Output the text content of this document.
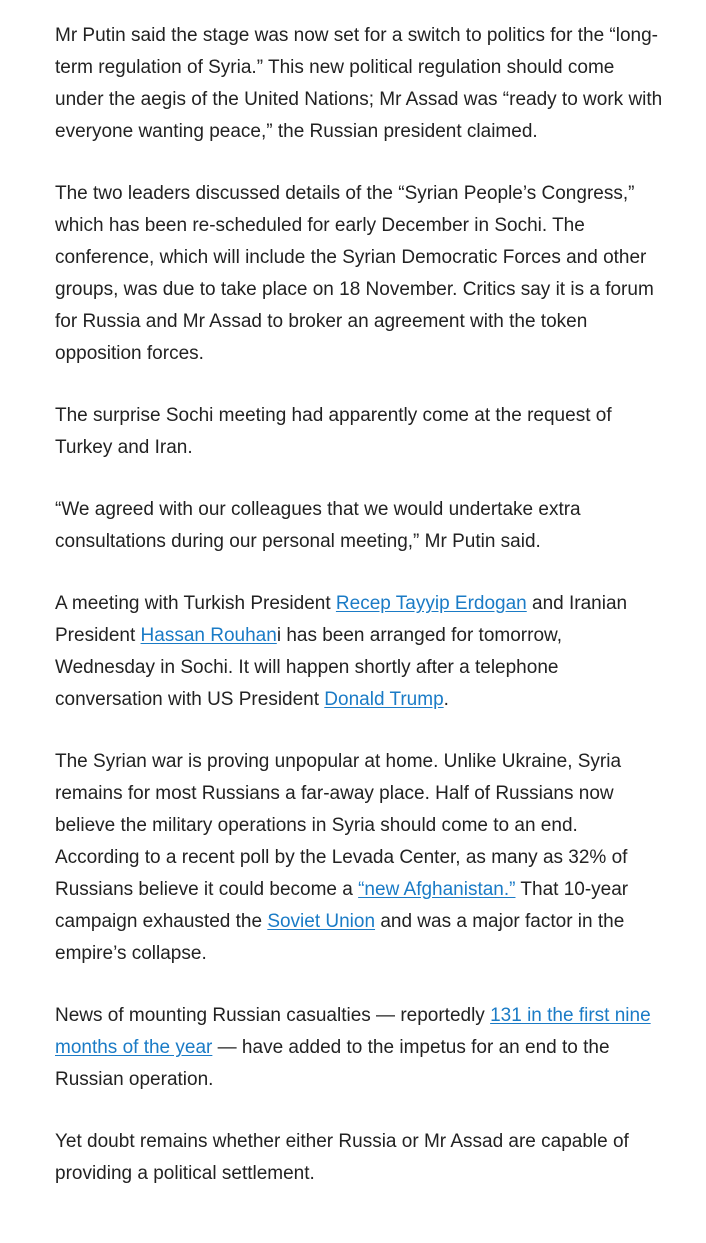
Mr Putin said the stage was now set for a switch to politics for the “long-term regulation of Syria.” This new political regulation should come under the aegis of the United Nations; Mr Assad was “ready to work with everyone wanting peace,” the Russian president claimed.

The two leaders discussed details of the “Syrian People’s Congress,” which has been re-scheduled for early December in Sochi. The conference, which will include the Syrian Democratic Forces and other groups, was due to take place on 18 November. Critics say it is a forum for Russia and Mr Assad to broker an agreement with the token opposition forces.

The surprise Sochi meeting had apparently come at the request of Turkey and Iran.

“We agreed with our colleagues that we would undertake extra consultations during our personal meeting,” Mr Putin said.

A meeting with Turkish President Recep Tayyip Erdogan and Iranian President Hassan Rouhani has been arranged for tomorrow, Wednesday in Sochi. It will happen shortly after a telephone conversation with US President Donald Trump.

The Syrian war is proving unpopular at home. Unlike Ukraine, Syria remains for most Russians a far-away place. Half of Russians now believe the military operations in Syria should come to an end. According to a recent poll by the Levada Center, as many as 32% of Russians believe it could become a “new Afghanistan.” That 10-year campaign exhausted the Soviet Union and was a major factor in the empire’s collapse.

News of mounting Russian casualties — reportedly 131 in the first nine months of the year — have added to the impetus for an end to the Russian operation.

Yet doubt remains whether either Russia or Mr Assad are capable of providing a political settlement.
